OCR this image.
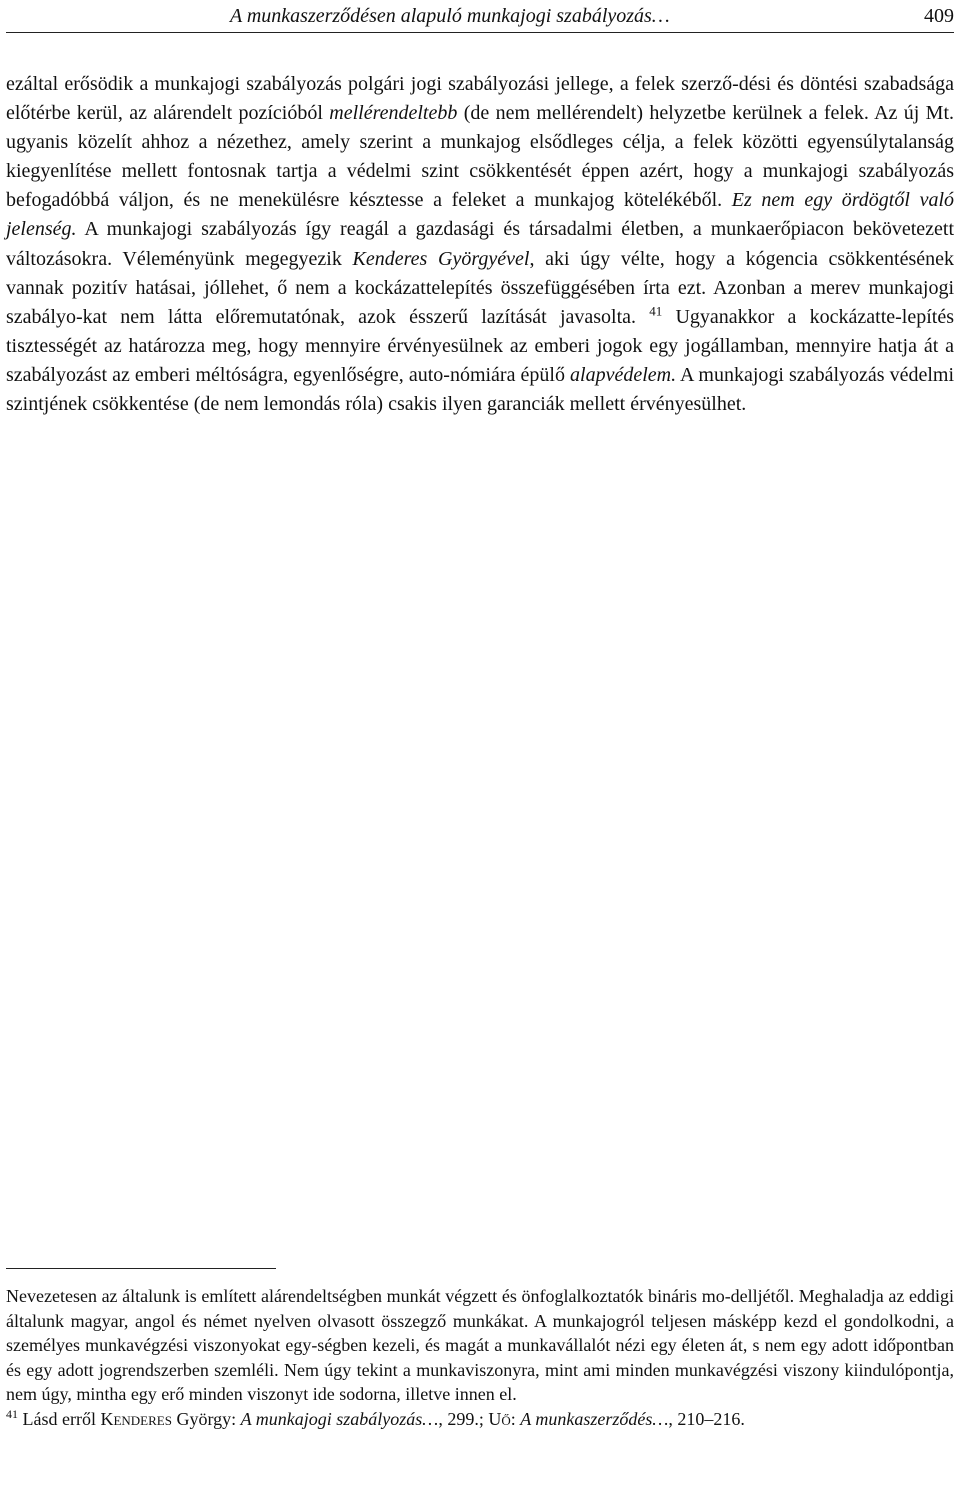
A munkaszerződésen alapuló munkajogi szabályozás…	409

ezáltal erősödik a munkajogi szabályozás polgári jogi szabályozási jellege, a felek szerző-dési és döntési szabadsága előtérbe kerül, az alárendelt pozícióból mellérendeltebb (de nem mellérendelt) helyzetbe kerülnek a felek. Az új Mt. ugyanis közelít ahhoz a nézethez, amely szerint a munkajog elsődleges célja, a felek közötti egyensúlytalanság kiegyenlítése mellett fontosnak tartja a védelmi szint csökkentését éppen azért, hogy a munkajogi szabályozás befogadóbbá váljon, és ne menekülésre késztesse a feleket a munkajog kötelékéből. Ez nem egy ördögtől való jelenség. A munkajogi szabályozás így reagál a gazdasági és társadalmi életben, a munkaerőpiacon bekövetezett változásokra. Véleményünk megegyezik Kenderes Györgyével, aki úgy vélte, hogy a kógencia csökkentésének vannak pozitív hatásai, jóllehet, ő nem a kockázattelepítés összefüggésében írta ezt. Azonban a merev munkajogi szabályo-kat nem látta előremutatónak, azok ésszerű lazítását javasolta. $^{41}$ Ugyanakkor a kockázatte-lepítés tisztességét az határozza meg, hogy mennyire érvényesülnek az emberi jogok egy jogállamban, mennyire hatja át a szabályozást az emberi méltóságra, egyenlőségre, auto-nómiára épülő alapvédelem. A munkajogi szabályozás védelmi szintjének csökkentése (de nem lemondás róla) csakis ilyen garanciák mellett érvényesülhet.

Nevezetesen az általunk is említett alárendeltségben munkát végzett és önfoglalkoztatók bináris mo-delljétől. Meghaladja az eddigi általunk magyar, angol és német nyelven olvasott összegző munkákat. A munkajogról teljesen másképp kezd el gondolkodni, a személyes munkavégzési viszonyokat egy-ségben kezeli, és magát a munkavállalót nézi egy életen át, s nem egy adott időpontban és egy adott jogrendszerben szemléli. Nem úgy tekint a munkaviszonyra, mint ami minden munkavégzési viszony kiindulópontja, nem úgy, mintha egy erő minden viszonyt ide sodorna, illetve innen el.

$^{41}$ Lásd erről Kenderes György: A munkajogi szabályozás…, 299.; Uő: A munkaszerződés…, 210–216.
